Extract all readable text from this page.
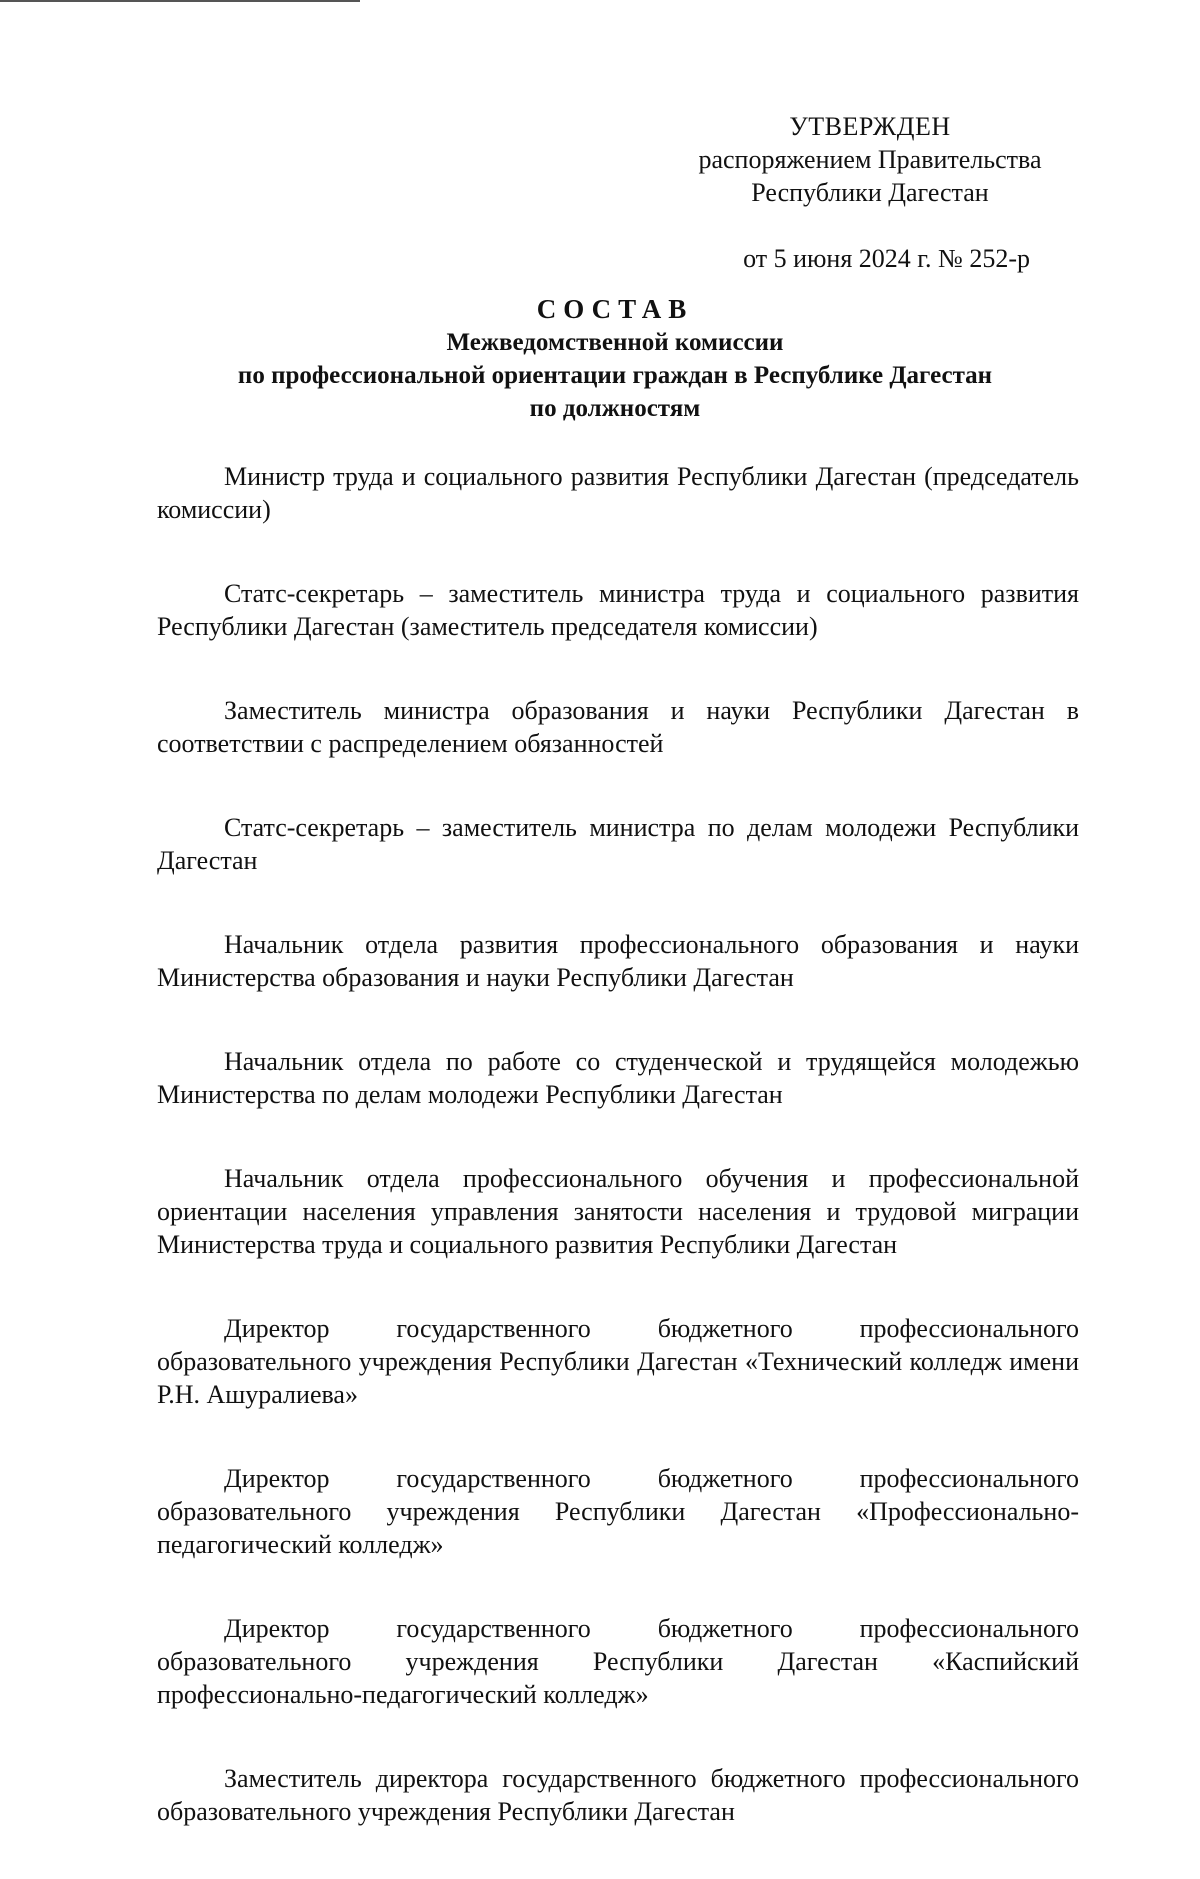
УТВЕРЖДЕН
распоряжением Правительства
Республики Дагестан
от 5 июня 2024 г. № 252-р
СОСТАВ
Межведомственной комиссии
по профессиональной ориентации граждан в Республике Дагестан
по должностям

Министр труда и социального развития Республики Дагестан (председатель комиссии)

Статс-секретарь – заместитель министра труда и социального развития Республики Дагестан (заместитель председателя комиссии)

Заместитель министра образования и науки Республики Дагестан в соответствии с распределением обязанностей

Статс-секретарь – заместитель министра по делам молодежи Республики Дагестан

Начальник отдела развития профессионального образования и науки Министерства образования и науки Республики Дагестан

Начальник отдела по работе со студенческой и трудящейся молодежью Министерства по делам молодежи Республики Дагестан

Начальник отдела профессионального обучения и профессиональной ориентации населения управления занятости населения и трудовой миграции Министерства труда и социального развития Республики Дагестан

Директор государственного бюджетного профессионального образовательного учреждения Республики Дагестан «Технический колледж имени Р.Н. Ашуралиева»

Директор государственного бюджетного профессионального образовательного учреждения Республики Дагестан «Профессионально-педагогический колледж»

Директор государственного бюджетного профессионального образовательного учреждения Республики Дагестан «Каспийский профессионально-педагогический колледж»

Заместитель директора государственного бюджетного профессионального образовательного учреждения Республики Дагестан
